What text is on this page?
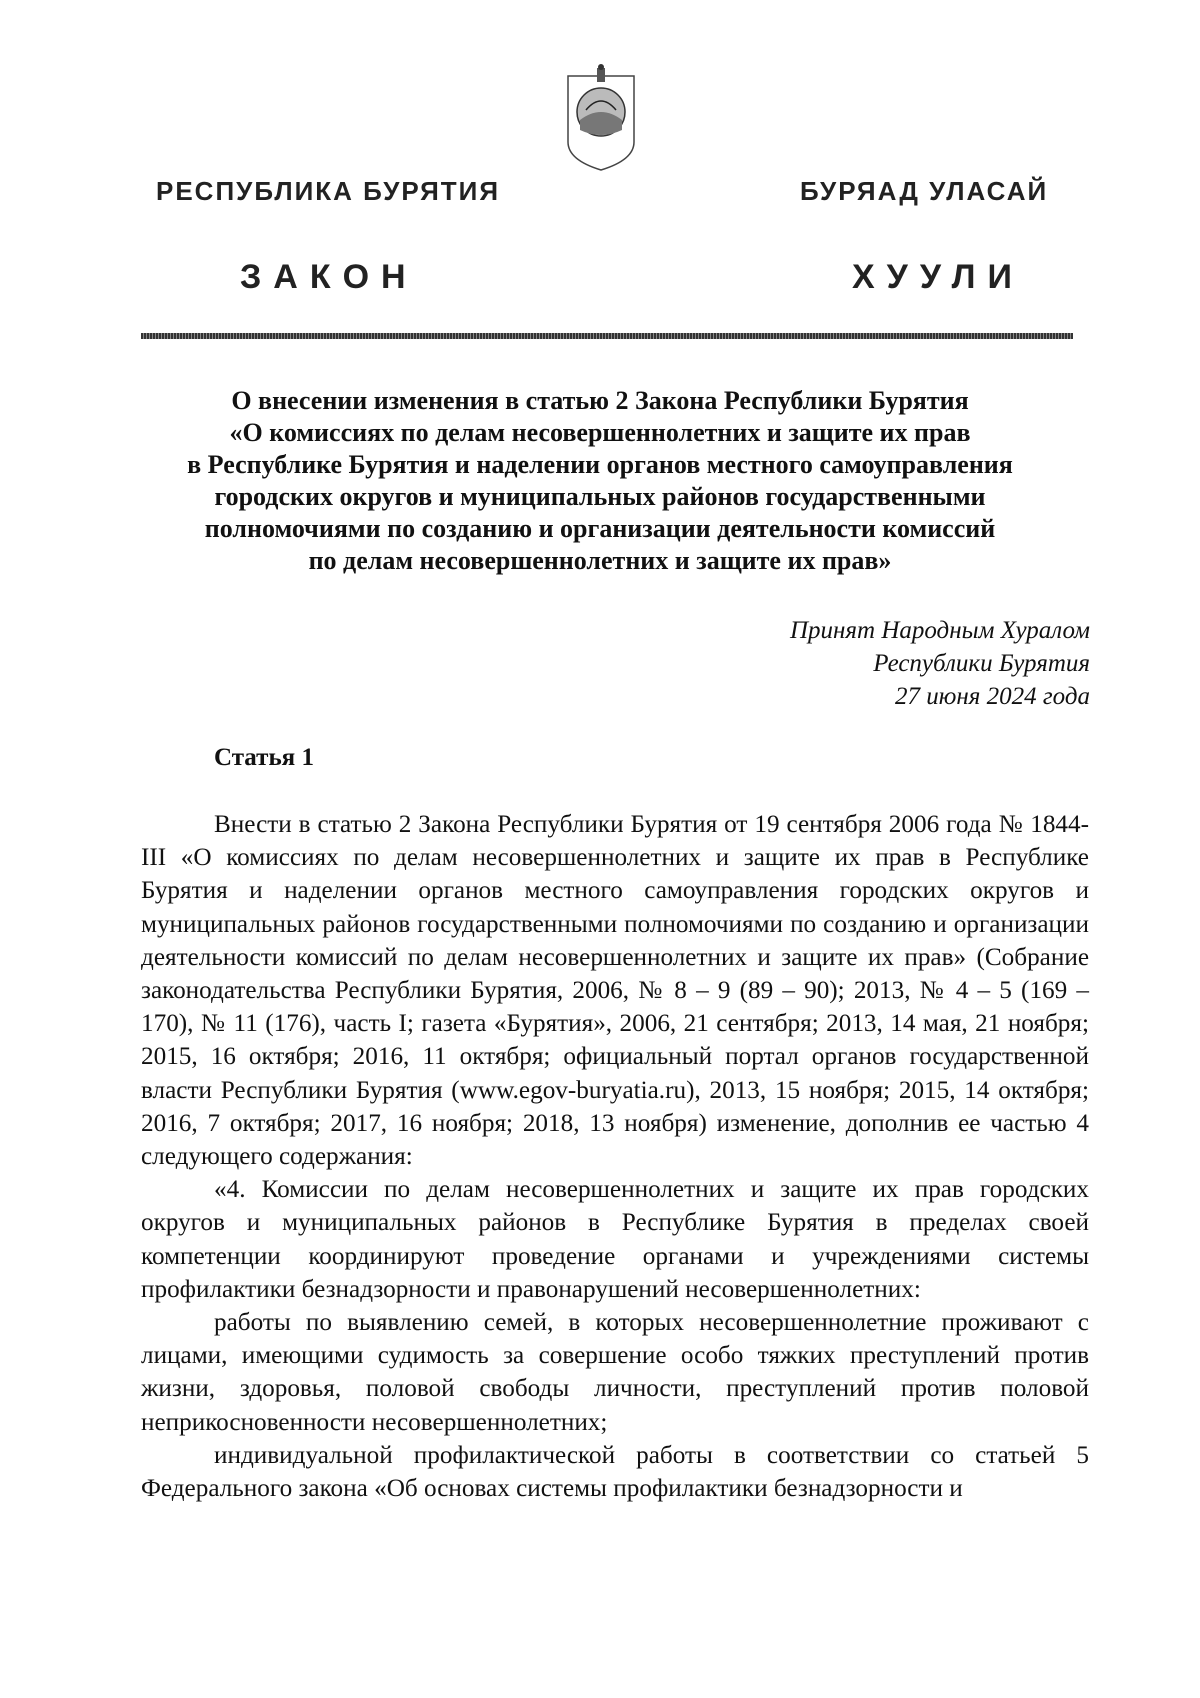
РЕСПУБЛИКА БУРЯТИЯ	БУРЯАД УЛАСАЙ
ЗАКОН	ХУУЛИ
О внесении изменения в статью 2 Закона Республики Бурятия
«О комиссиях по делам несовершеннолетних и защите их прав
в Республике Бурятия и наделении органов местного самоуправления
городских округов и муниципальных районов государственными
полномочиями по созданию и организации деятельности комиссий
по делам несовершеннолетних и защите их прав»
Принят Народным Хуралом
Республики Бурятия
27 июня 2024 года
Статья 1

Внести в статью 2 Закона Республики Бурятия от 19 сентября 2006 года № 1844-III «О комиссиях по делам несовершеннолетних и защите их прав в Республике Бурятия и наделении органов местного самоуправления городских округов и муниципальных районов государственными полномочиями по созданию и организации деятельности комиссий по делам несовершеннолетних и защите их прав» (Собрание законодательства Республики Бурятия, 2006, № 8 – 9 (89 – 90); 2013, № 4 – 5 (169 – 170), № 11 (176), часть I; газета «Бурятия», 2006, 21 сентября; 2013, 14 мая, 21 ноября; 2015, 16 октября; 2016, 11 октября; официальный портал органов государственной власти Республики Бурятия (www.egov-buryatia.ru), 2013, 15 ноября; 2015, 14 октября; 2016, 7 октября; 2017, 16 ноября; 2018, 13 ноября) изменение, дополнив ее частью 4 следующего содержания:

«4. Комиссии по делам несовершеннолетних и защите их прав городских округов и муниципальных районов в Республике Бурятия в пределах своей компетенции координируют проведение органами и учреждениями системы профилактики безнадзорности и правонарушений несовершеннолетних:

работы по выявлению семей, в которых несовершеннолетние проживают с лицами, имеющими судимость за совершение особо тяжких преступлений против жизни, здоровья, половой свободы личности, преступлений против половой неприкосновенности несовершеннолетних;

индивидуальной профилактической работы в соответствии со статьей 5 Федерального закона «Об основах системы профилактики безнадзорности и
